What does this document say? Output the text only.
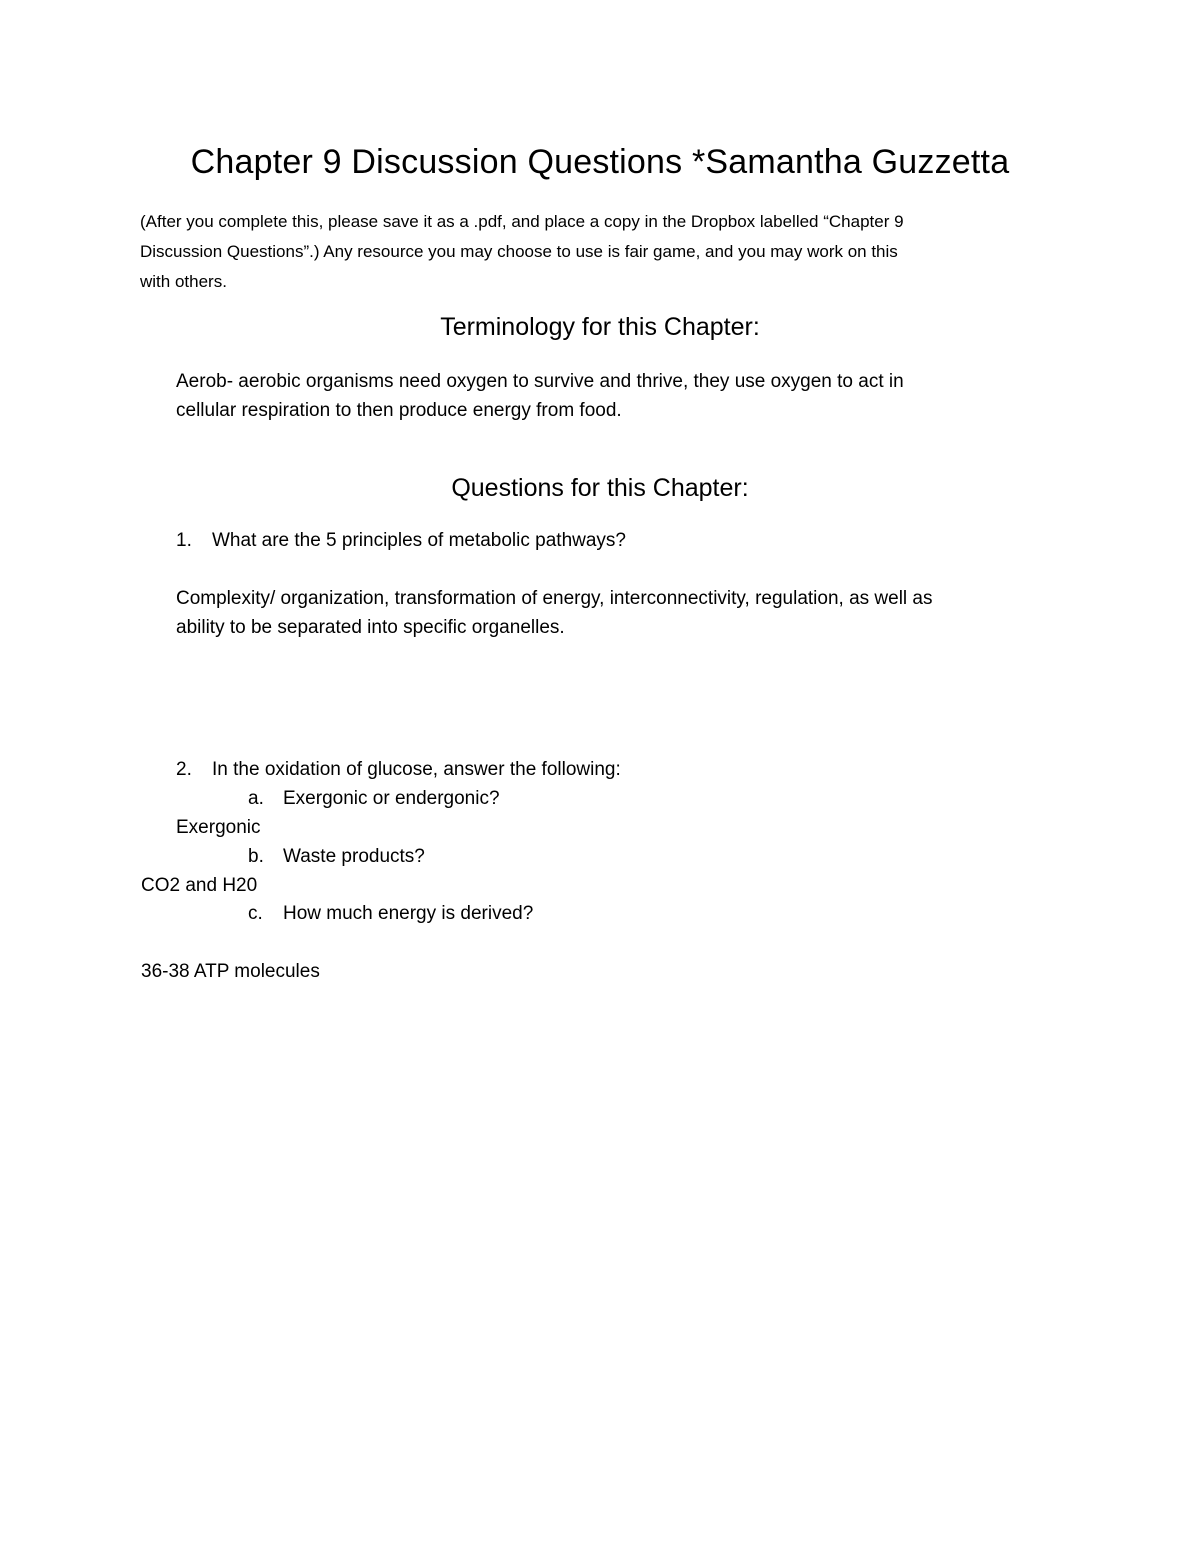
Chapter 9 Discussion Questions *Samantha Guzzetta
(After you complete this, please save it as a .pdf, and place a copy in the Dropbox labelled “Chapter 9
Discussion Questions”.) Any resource you may choose to use is fair game, and you may work on this
with others.
Terminology for this Chapter:
Aerob- aerobic organisms need oxygen to survive and thrive, they use oxygen to act in
cellular respiration to then produce energy from food.
Questions for this Chapter:
1. What are the 5 principles of metabolic pathways?
Complexity/ organization, transformation of energy, interconnectivity, regulation, as well as
ability to be separated into specific organelles.
2. In the oxidation of glucose, answer the following:
a. Exergonic or endergonic?
Exergonic
b. Waste products?
CO2 and H20
c. How much energy is derived?
36-38 ATP molecules
